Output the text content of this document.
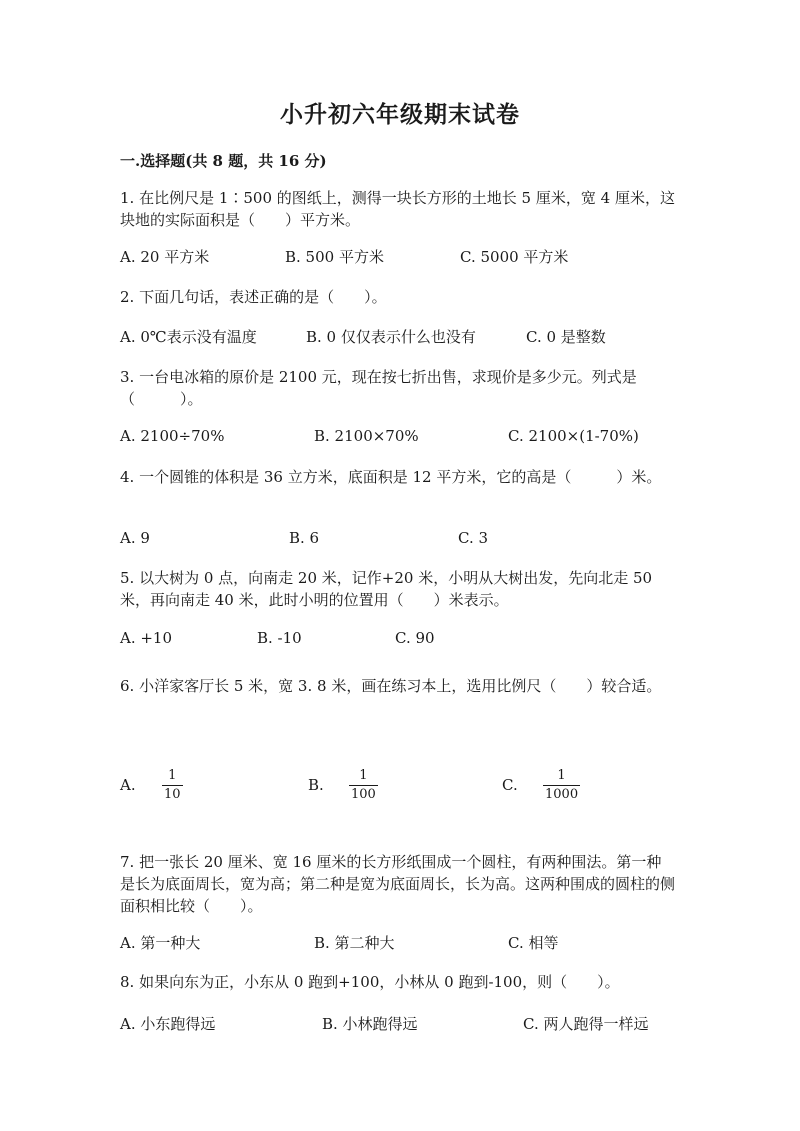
小升初六年级期末试卷
一.选择题(共 8 题，共 16 分)
1. 在比例尺是 1∶500 的图纸上，测得一块长方形的土地长 5 厘米，宽 4 厘米，这块地的实际面积是（　　）平方米。
A. 20 平方米	B. 500 平方米	C. 5000 平方米
2. 下面几句话，表述正确的是（　　）。
A. 0℃表示没有温度	B. 0 仅仅表示什么也没有	C. 0 是整数
3. 一台电冰箱的原价是 2100 元，现在按七折出售，求现价是多少元。列式是（　　　）。
A. 2100÷70%	B. 2100×70%	C. 2100×(1-70%)
4. 一个圆锥的体积是 36 立方米，底面积是 12 平方米，它的高是（　　　）米。
A. 9	B. 6	C. 3
5. 以大树为 0 点，向南走 20 米，记作+20 米，小明从大树出发，先向北走 50 米，再向南走 40 米，此时小明的位置用（　　）米表示。
A. +10	B. -10	C. 90
6. 小洋家客厅长 5 米，宽 3. 8 米，画在练习本上，选用比例尺（　　）较合适。
A.
1
10
B.
1
100
C.
1
1000
7. 把一张长 20 厘米、宽 16 厘米的长方形纸围成一个圆柱，有两种围法。第一种是长为底面周长，宽为高；第二种是宽为底面周长，长为高。这两种围成的圆柱的侧面积相比较（　　）。
A. 第一种大	B. 第二种大	C. 相等
8. 如果向东为正，小东从 0 跑到+100，小林从 0 跑到-100，则（　　）。
A. 小东跑得远	B. 小林跑得远	C. 两人跑得一样远
